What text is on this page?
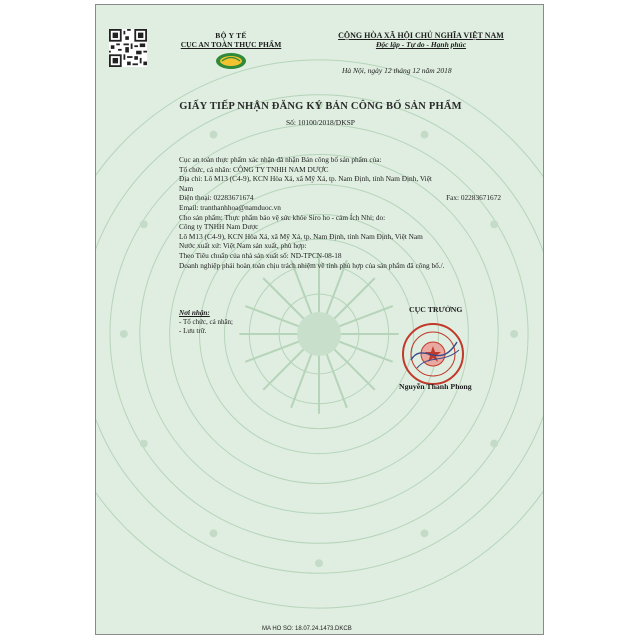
BỘ Y TẾ
CỤC AN TOÀN THỰC PHẨM
CỘNG HÒA XÃ HỘI CHỦ NGHĨA VIỆT NAM
Độc lập - Tự do - Hạnh phúc
Hà Nội, ngày 12 tháng 12 năm 2018
GIẤY TIẾP NHẬN ĐĂNG KÝ BẢN CÔNG BỐ SẢN PHẨM
Số: 10100/2018/DKSP
Cục an toàn thực phẩm xác nhận đã nhận Bản công bố sản phẩm của:
Tổ chức, cá nhân: CÔNG TY TNHH NAM DƯỢC
Địa chỉ: Lô M13 (C4-9), KCN Hòa Xá, xã Mỹ Xá, tp. Nam Định, tỉnh Nam Định, Việt
Nam
Điện thoại: 02283671674	Fax: 02283671672
Email: tranthanhhoa@namduoc.vn
Cho sản phẩm: Thực phẩm bảo vệ sức khỏe Siro ho - cảm Ích Nhi; do:
Công ty TNHH Nam Dược
Lô M13 (C4-9), KCN Hòa Xá, xã Mỹ Xá, tp. Nam Định, tỉnh Nam Định, Việt Nam
Nước xuất xứ: Việt Nam sản xuất, phù hợp:
Theo Tiêu chuẩn của nhà sản xuất số: ND-TPCN-08-18
Doanh nghiệp phải hoàn toàn chịu trách nhiệm về tính phù hợp của sản phẩm đã công bố./.
Nơi nhận:
- Tổ chức, cá nhân;
- Lưu trữ.
CỤC TRƯỞNG
Nguyễn Thanh Phong
MA HO SO: 18.07.24.1473.DKCB
